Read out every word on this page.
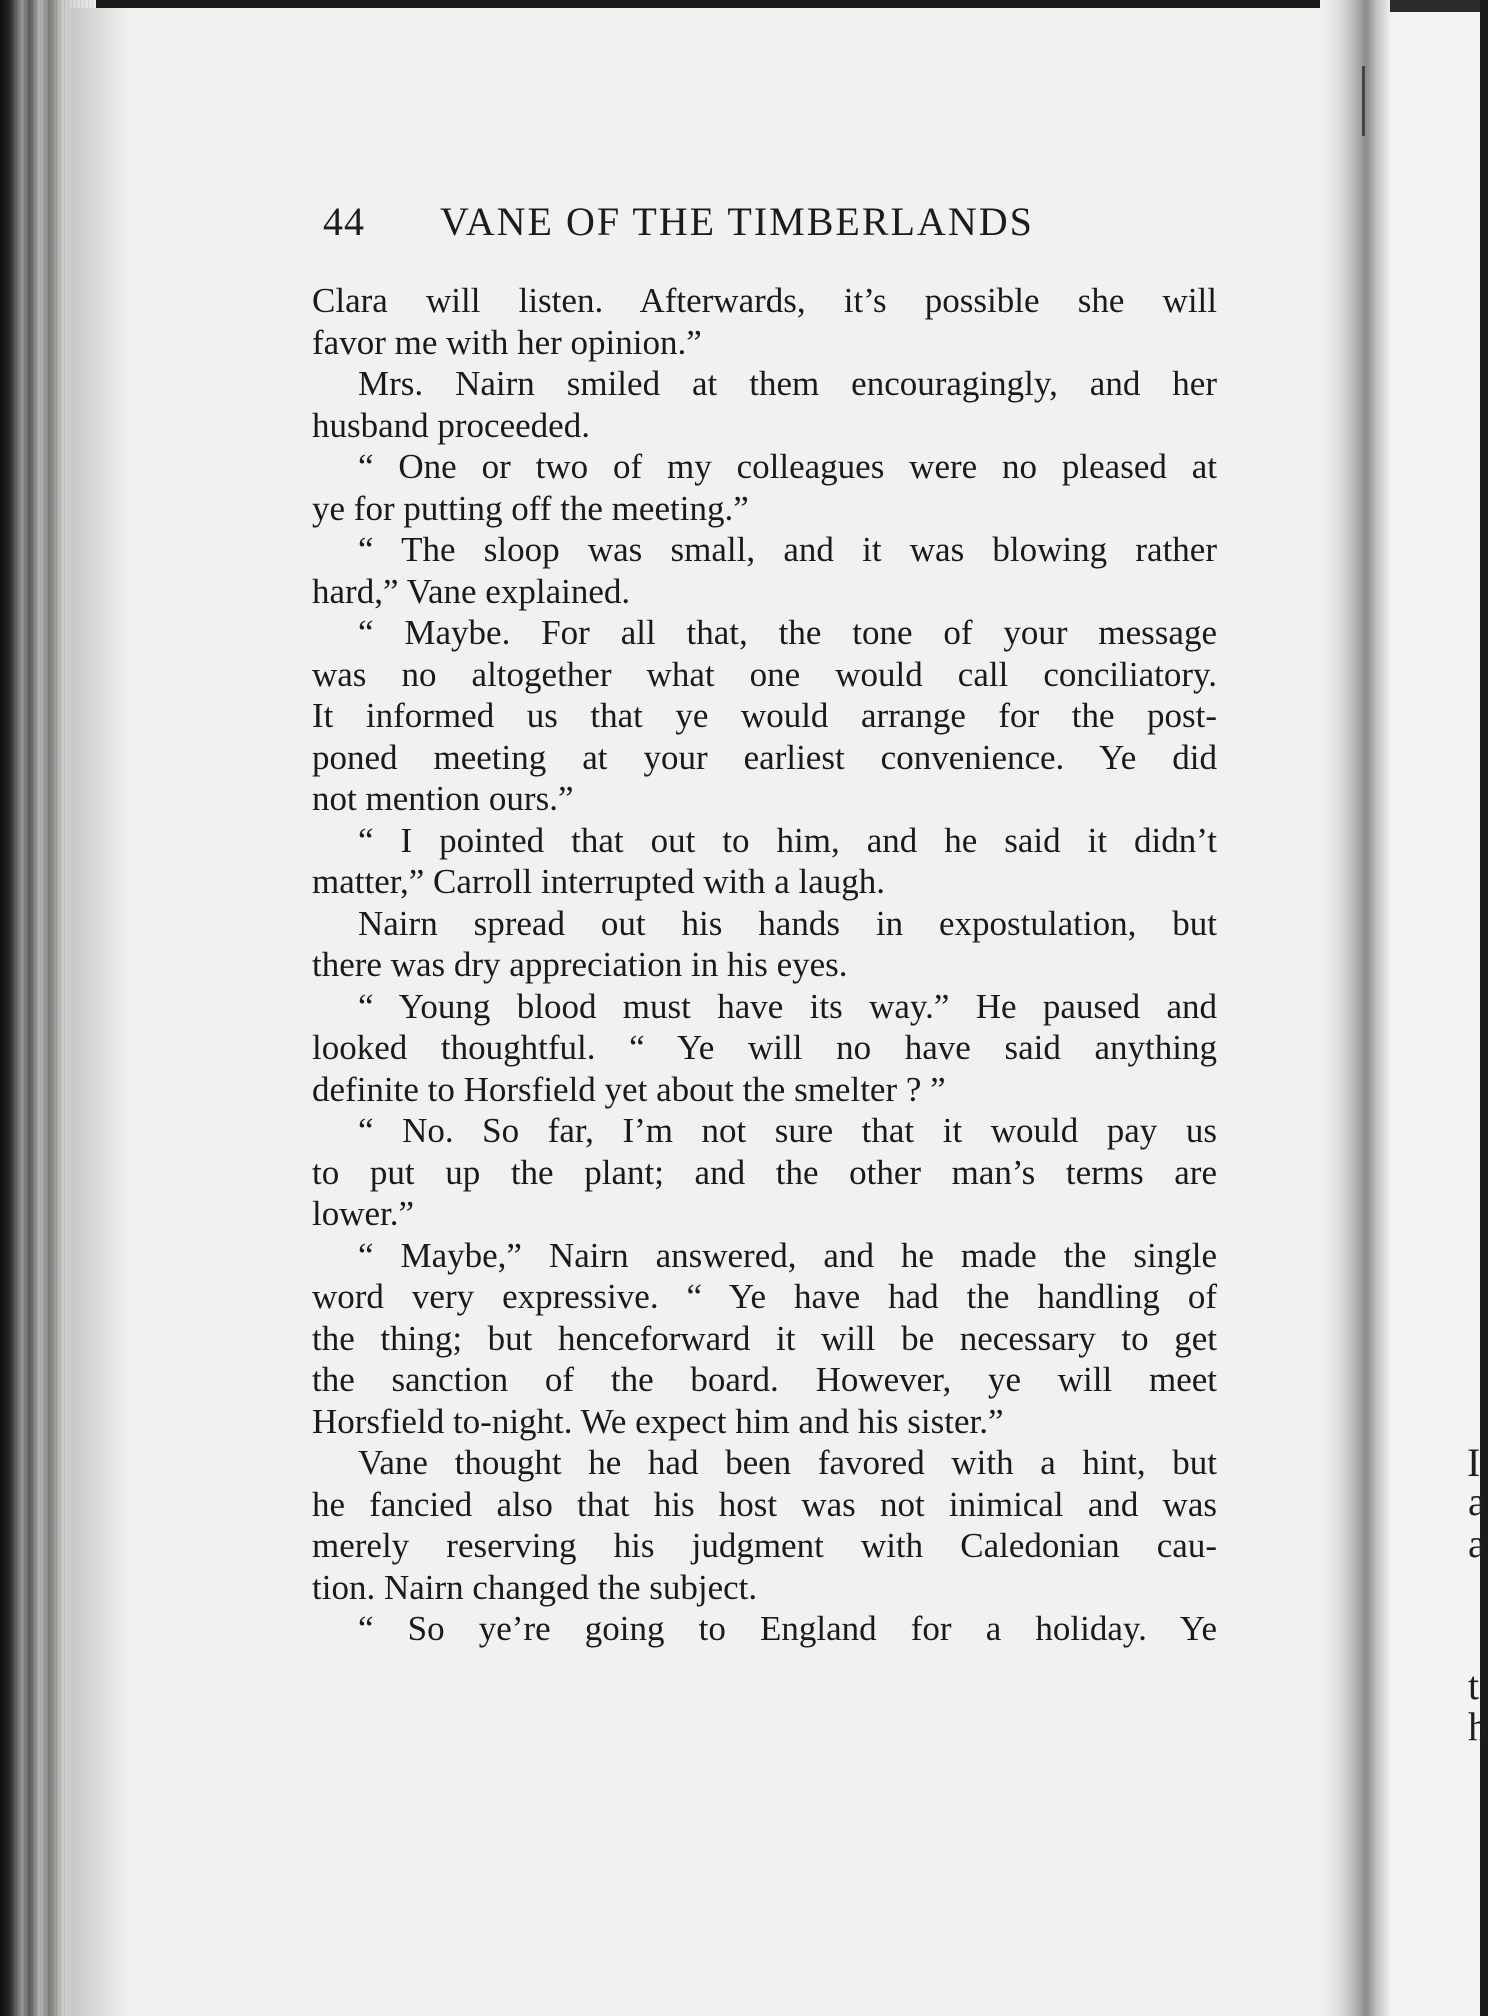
I
a
a
t
h
44 VANE OF THE TIMBERLANDS
Clara will listen. Afterwards, it’s possible she will
favor me with her opinion.”
Mrs. Nairn smiled at them encouragingly, and her
husband proceeded.
“ One or two of my colleagues were no pleased at
ye for putting off the meeting.”
“ The sloop was small, and it was blowing rather
hard,” Vane explained.
“ Maybe. For all that, the tone of your message
was no altogether what one would call conciliatory.
It informed us that ye would arrange for the post-
poned meeting at your earliest convenience. Ye did
not mention ours.”
“ I pointed that out to him, and he said it didn’t
matter,” Carroll interrupted with a laugh.
Nairn spread out his hands in expostulation, but
there was dry appreciation in his eyes.
“ Young blood must have its way.” He paused and
looked thoughtful. “ Ye will no have said anything
definite to Horsfield yet about the smelter ? ”
“ No. So far, I’m not sure that it would pay us
to put up the plant; and the other man’s terms are
lower.”
“ Maybe,” Nairn answered, and he made the single
word very expressive. “ Ye have had the handling of
the thing; but henceforward it will be necessary to get
the sanction of the board. However, ye will meet
Horsfield to-night. We expect him and his sister.”
Vane thought he had been favored with a hint, but
he fancied also that his host was not inimical and was
merely reserving his judgment with Caledonian cau-
tion. Nairn changed the subject.
“ So ye’re going to England for a holiday. Ye
